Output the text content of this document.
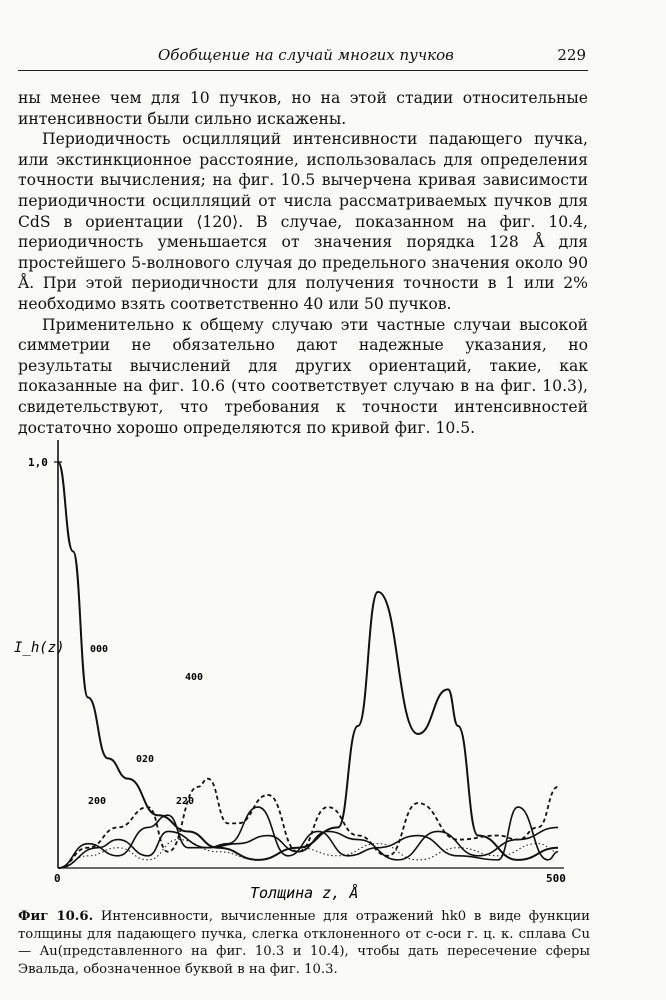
Обобщение на случай многих пучков	229

ны менее чем для 10 пучков, но на этой стадии относительные интенсивности были сильно искажены.

Периодичность осцилляций интенсивности падающего пучка, или экстинкционное расстояние, использовалась для определения точности вычисления; на фиг. 10.5 вычерчена кривая зависимости периодичности осцилляций от числа рассматриваемых пучков для CdS в ориентации ⟨120⟩. В случае, показанном на фиг. 10.4, периодичность уменьшается от значения порядка 128 Å для простейшего 5-волнового случая до предельного значения около 90 Å. При этой периодичности для получения точности в 1 или 2% необходимо взять соответственно 40 или 50 пучков.

Применительно к общему случаю эти частные случаи высокой симметрии не обязательно дают надежные указания, но результаты вычислений для других ориентаций, такие, как показанные на фиг. 10.6 (что соответствует случаю в на фиг. 10.3), свидетельствуют, что требования к точности интенсивностей достаточно хорошо определяются по кривой фиг. 10.5.

1,0
0	500
I_h(z)
Толщина z, Å
000
400
020
200	220
Фиг 10.6. Интенсивности, вычисленные для отражений hk0 в виде функции толщины для падающего пучка, слегка отклоненного от c-оси г. ц. к. сплава Cu — Au(представленного на фиг. 10.3 и 10.4), чтобы дать пересечение сферы Эвальда, обозначенное буквой в на фиг. 10.3.
